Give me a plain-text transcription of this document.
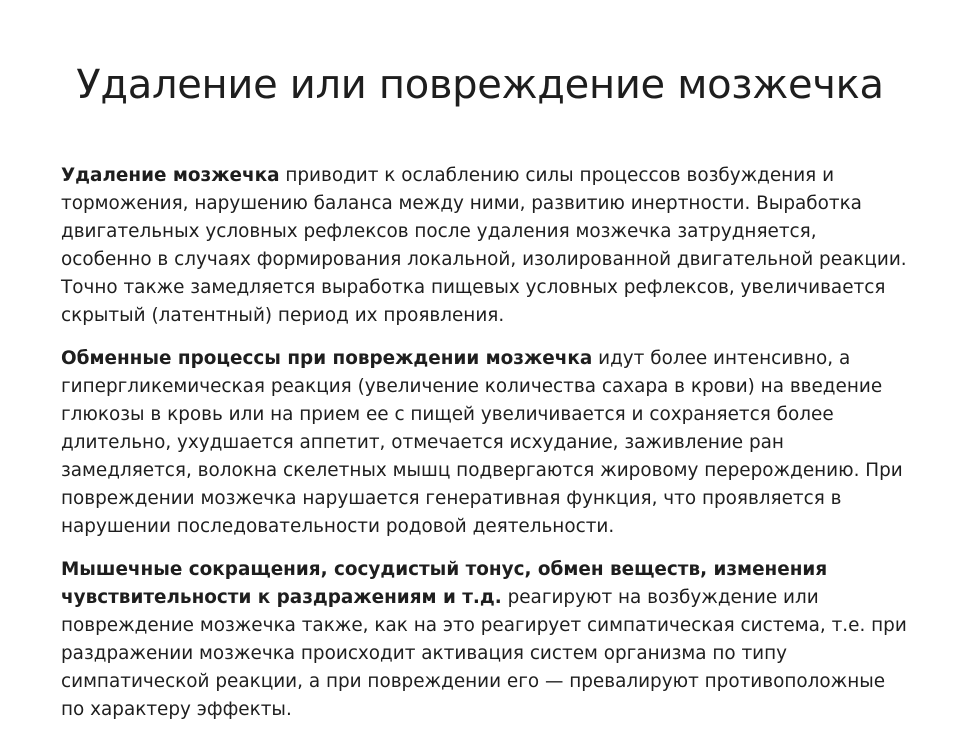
Удаление или повреждение мозжечка

Удаление мозжечка приводит к ослаблению силы процессов возбуждения и торможения, нарушению баланса между ними, развитию инертности. Выработка двигательных условных рефлексов после удаления мозжечка затрудняется, особенно в случаях формирования локальной, изолированной двигательной реакции. Точно также замедляется выработка пищевых условных рефлексов, увеличивается скрытый (латентный) период их проявления.

Обменные процессы при повреждении мозжечка идут более интенсивно, а гипергликемическая реакция (увеличение количества сахара в крови) на введение глюкозы в кровь или на прием ее с пищей увеличивается и сохраняется более длительно, ухудшается аппетит, отмечается исхудание, заживление ран замедляется, волокна скелетных мышц подвергаются жировому перерождению. При повреждении мозжечка нарушается генеративная функция, что проявляется в нарушении последовательности родовой деятельности.

Мышечные сокращения, сосудистый тонус, обмен веществ, изменения чувствительности к раздражениям и т.д. реагируют на возбуждение или повреждение мозжечка также, как на это реагирует симпатическая система, т.е. при раздражении мозжечка происходит активация систем организма по типу симпатической реакции, а при повреждении его — превалируют противоположные по характеру эффекты.
